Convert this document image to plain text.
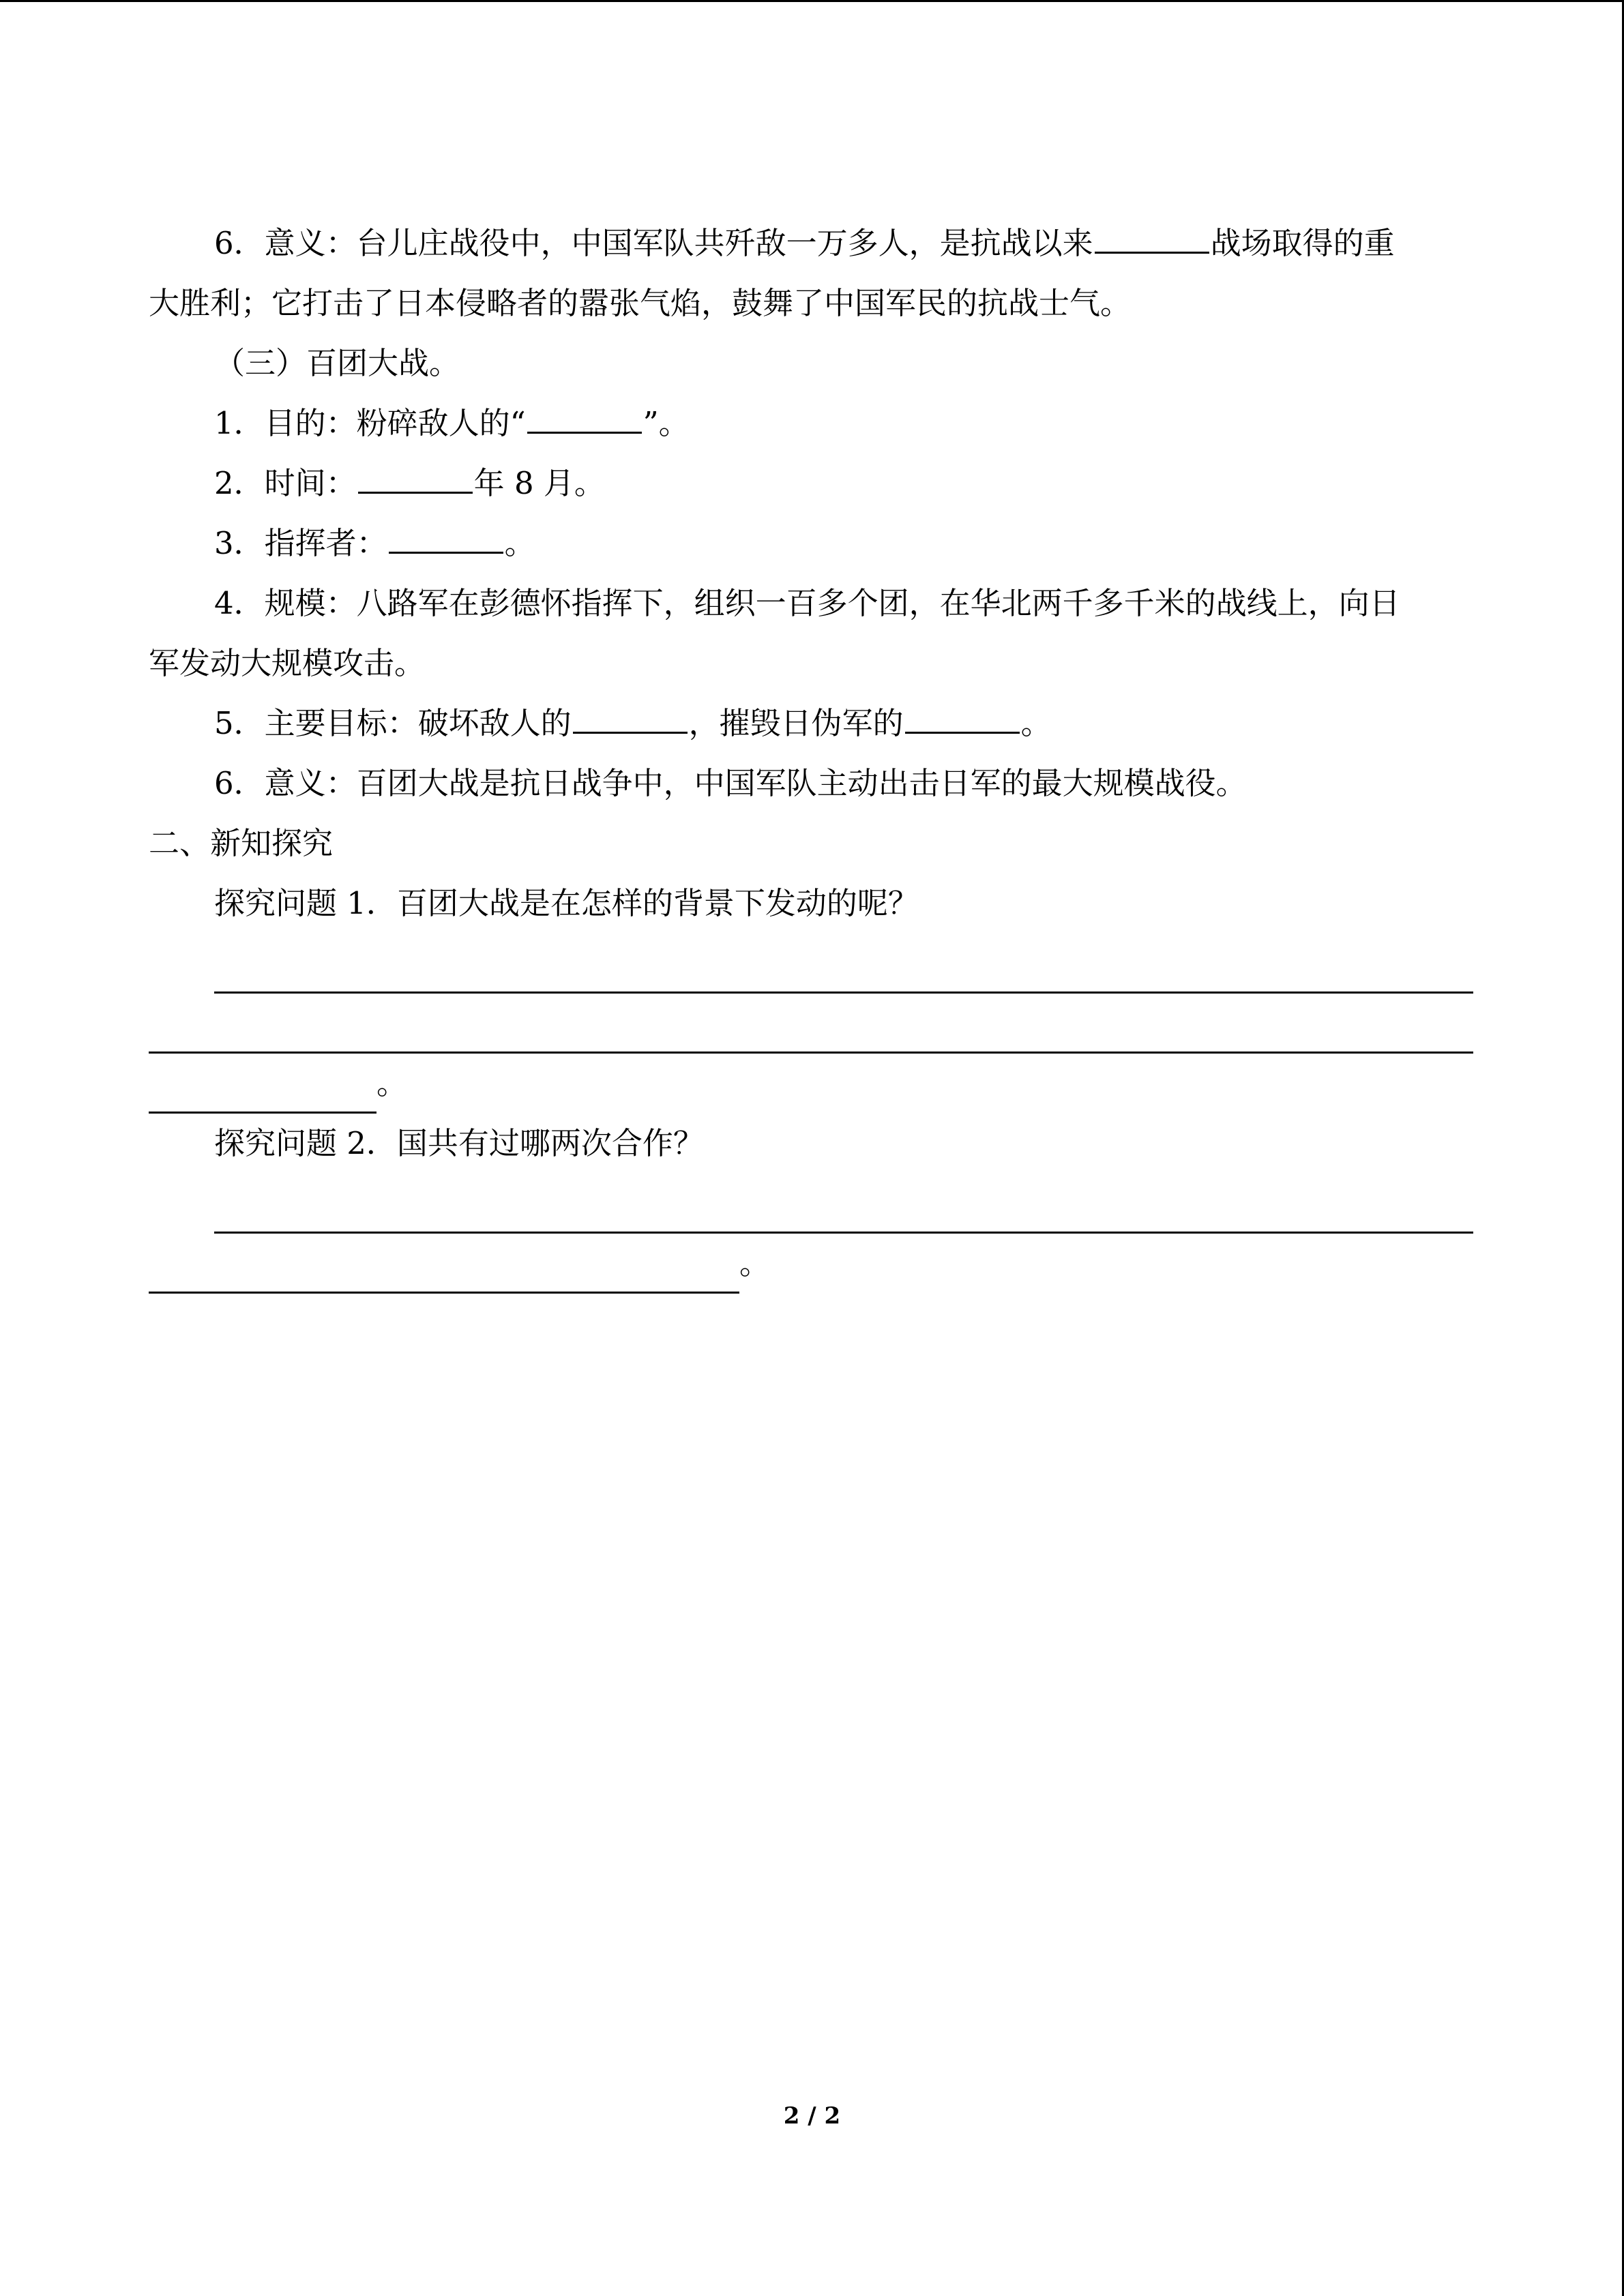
6．意义：台儿庄战役中，中国军队共歼敌一万多人，是抗战以来	战场取得的重

大胜利；它打击了日本侵略者的嚣张气焰，鼓舞了中国军民的抗战士气。

（三）百团大战。

1．目的：粉碎敌人的“	”。

2．时间：	年 8 月。

3．指挥者：	。

4．规模：八路军在彭德怀指挥下，组织一百多个团，在华北两千多千米的战线上，向日

军发动大规模攻击。

5．主要目标：破坏敌人的	，摧毁日伪军的	。

6．意义：百团大战是抗日战争中，中国军队主动出击日军的最大规模战役。

二、新知探究

探究问题 1．百团大战是在怎样的背景下发动的呢？

。

探究问题 2．国共有过哪两次合作？

。
2 / 2
